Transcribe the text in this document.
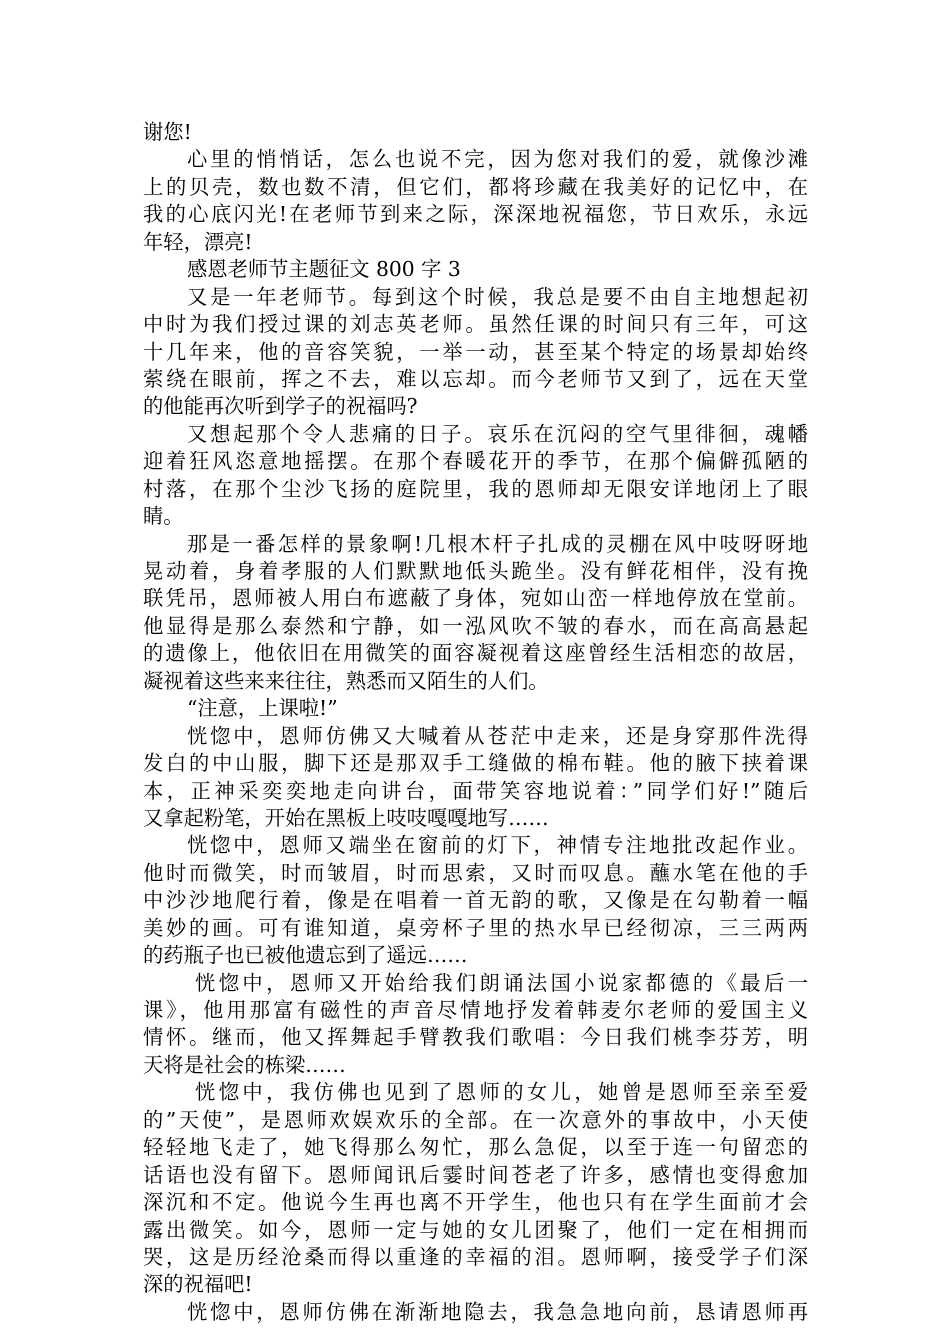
谢您!
心里的悄悄话，怎么也说不完，因为您对我们的爱，就像沙滩
上的贝壳，数也数不清，但它们，都将珍藏在我美好的记忆中，在
我的心底闪光!在老师节到来之际，深深地祝福您，节日欢乐，永远
年轻，漂亮!
感恩老师节主题征文 800 字 3
又是一年老师节。每到这个时候，我总是要不由自主地想起初
中时为我们授过课的刘志英老师。虽然任课的时间只有三年，可这
十几年来，他的音容笑貌，一举一动，甚至某个特定的场景却始终
萦绕在眼前，挥之不去，难以忘却。而今老师节又到了，远在天堂
的他能再次听到学子的祝福吗?
又想起那个令人悲痛的日子。哀乐在沉闷的空气里徘徊，魂幡
迎着狂风恣意地摇摆。在那个春暖花开的季节，在那个偏僻孤陋的
村落，在那个尘沙飞扬的庭院里，我的恩师却无限安详地闭上了眼
睛。
那是一番怎样的景象啊!几根木杆子扎成的灵棚在风中吱呀呀地
晃动着，身着孝服的人们默默地低头跪坐。没有鲜花相伴，没有挽
联凭吊，恩师被人用白布遮蔽了身体，宛如山峦一样地停放在堂前。
他显得是那么泰然和宁静，如一泓风吹不皱的春水，而在高高悬起
的遗像上，他依旧在用微笑的面容凝视着这座曾经生活相恋的故居，
凝视着这些来来往往，熟悉而又陌生的人们。
“注意，上课啦!”
恍惚中，恩师仿佛又大喊着从苍茫中走来，还是身穿那件洗得
发白的中山服，脚下还是那双手工缝做的棉布鞋。他的腋下挟着课
本，正神采奕奕地走向讲台，面带笑容地说着：”同学们好!”随后
又拿起粉笔，开始在黑板上吱吱嘎嘎地写……
恍惚中，恩师又端坐在窗前的灯下，神情专注地批改起作业。
他时而微笑，时而皱眉，时而思索，又时而叹息。蘸水笔在他的手
中沙沙地爬行着，像是在唱着一首无韵的歌，又像是在勾勒着一幅
美妙的画。可有谁知道，桌旁杯子里的热水早已经彻凉，三三两两
的药瓶子也已被他遗忘到了遥远……
恍惚中，恩师又开始给我们朗诵法国小说家都德的《最后一
课》，他用那富有磁性的声音尽情地抒发着韩麦尔老师的爱国主义
情怀。继而，他又挥舞起手臂教我们歌唱：今日我们桃李芬芳，明
天将是社会的栋梁……
恍惚中，我仿佛也见到了恩师的女儿，她曾是恩师至亲至爱
的”天使”，是恩师欢娱欢乐的全部。在一次意外的事故中，小天使
轻轻地飞走了，她飞得那么匆忙，那么急促，以至于连一句留恋的
话语也没有留下。恩师闻讯后霎时间苍老了许多，感情也变得愈加
深沉和不定。他说今生再也离不开学生，他也只有在学生面前才会
露出微笑。如今，恩师一定与她的女儿团聚了，他们一定在相拥而
哭，这是历经沧桑而得以重逢的幸福的泪。恩师啊，接受学子们深
深的祝福吧!
恍惚中，恩师仿佛在渐渐地隐去，我急急地向前，恳请恩师再
